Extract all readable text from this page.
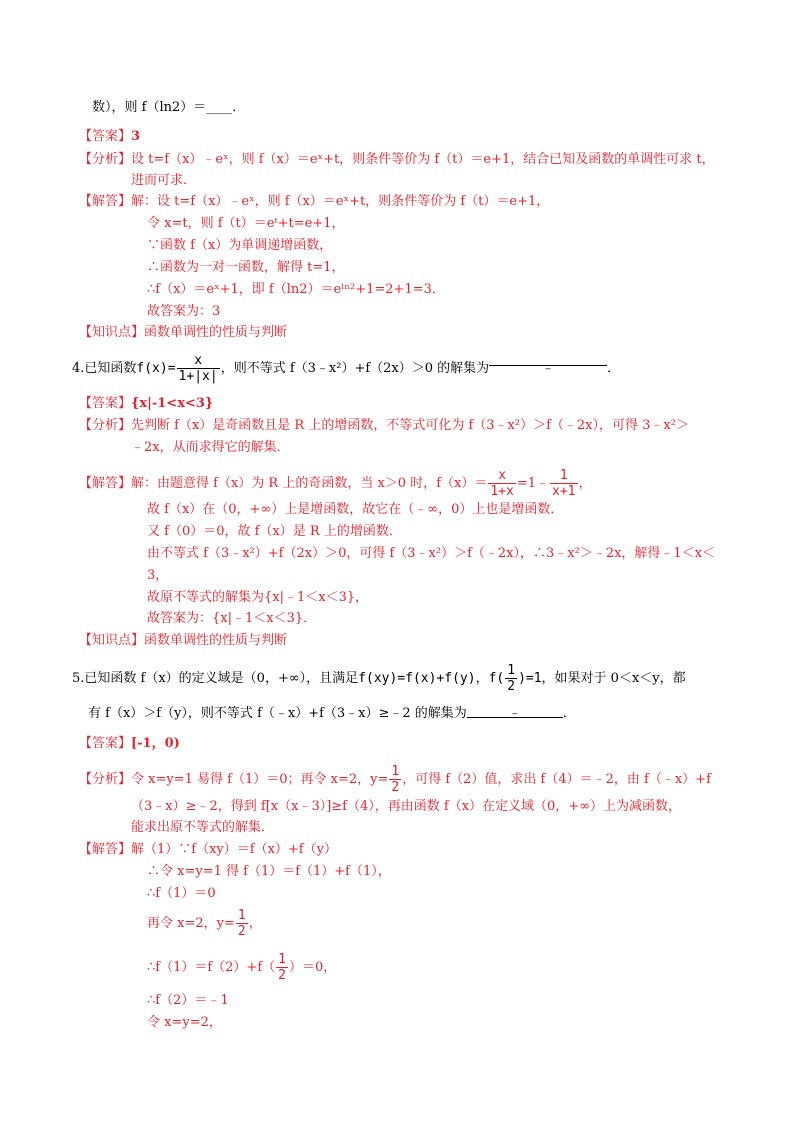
数），则 f（ln2）＝____．
【答案】3
【分析】设 t=f（x）﹣eˣ，则 f（x）＝eˣ+t，则条件等价为 f（t）＝e+1，结合已知及函数的单调性可求 t，
进而可求．
【解答】解：设 t=f（x）﹣eˣ，则 f（x）＝eˣ+t，则条件等价为 f（t）＝e+1，
令 x=t，则 f（t）＝eᵗ+t=e+1，
∵函数 f（x）为单调递增函数，
∴函数为一对一函数，解得 t=1，
∴f（x）＝eˣ+1，即 f（ln2）＝eˡⁿ²+1=2+1=3．
故答案为：3
【知识点】函数单调性的性质与判断
4.已知函数$f(x)= \frac{x}{1+|x|}$ ，则不等式 f（3﹣x²）+f（2x）＞0 的解集为	﹣	．
【答案】{x|-1<x<3}
【分析】先判断 f（x）是奇函数且是 R 上的增函数，不等式可化为 f（3﹣x²）＞f（﹣2x），可得 3﹣x²＞
﹣2x，从而求得它的解集．
【解答】解：由题意得 f（x）为 R 上的奇函数，当 x＞0 时，$f(x)= \frac{x}{1+x}$ =1﹣ $\frac{1}{x+1}$ ，
故 f（x）在（0，+∞）上是增函数，故它在（﹣∞，0）上也是增函数．
又 f（0）＝0，故 f（x）是 R 上的增函数．
由不等式 f（3﹣x²）+f（2x）＞0，可得 f（3﹣x²）＞f（﹣2x），∴3﹣x²＞﹣2x，解得﹣1＜x＜
3，
故原不等式的解集为{x|﹣1＜x＜3}，
故答案为：{x|﹣1＜x＜3}．
【知识点】函数单调性的性质与判断
5.已知函数 f（x）的定义域是（0，+∞），且满足f(xy)=f(x)+f(y)，$f( \frac{1}{2} )=1$，如果对于 0＜x＜y，都
有 f（x）＞f（y），则不等式 f（﹣x）+f（3﹣x）≥﹣2 的解集为	﹣	．
【答案】[-1，0)
【分析】令 x=y=1 易得 f（1）＝0；再令 x=2，$y= \frac{1}{2}$ ，可得 f（2）值，求出 f（4）＝﹣2，由 f（﹣x）+f
（3﹣x）≥﹣2，得到 f[x（x﹣3）]≥f（4），再由函数 f（x）在定义域（0，+∞）上为减函数，
能求出原不等式的解集．
【解答】解（1）∵f（xy）＝f（x）+f（y）
∴令 x=y=1 得 f（1）＝f（1）+f（1），
∴f（1）＝0
再令 x=2，$y= \frac{1}{2}$ ，
∴f（1）＝f（2）+f（ $\frac{1}{2} )=0$，
∴f（2）＝﹣1
令 x=y=2，
